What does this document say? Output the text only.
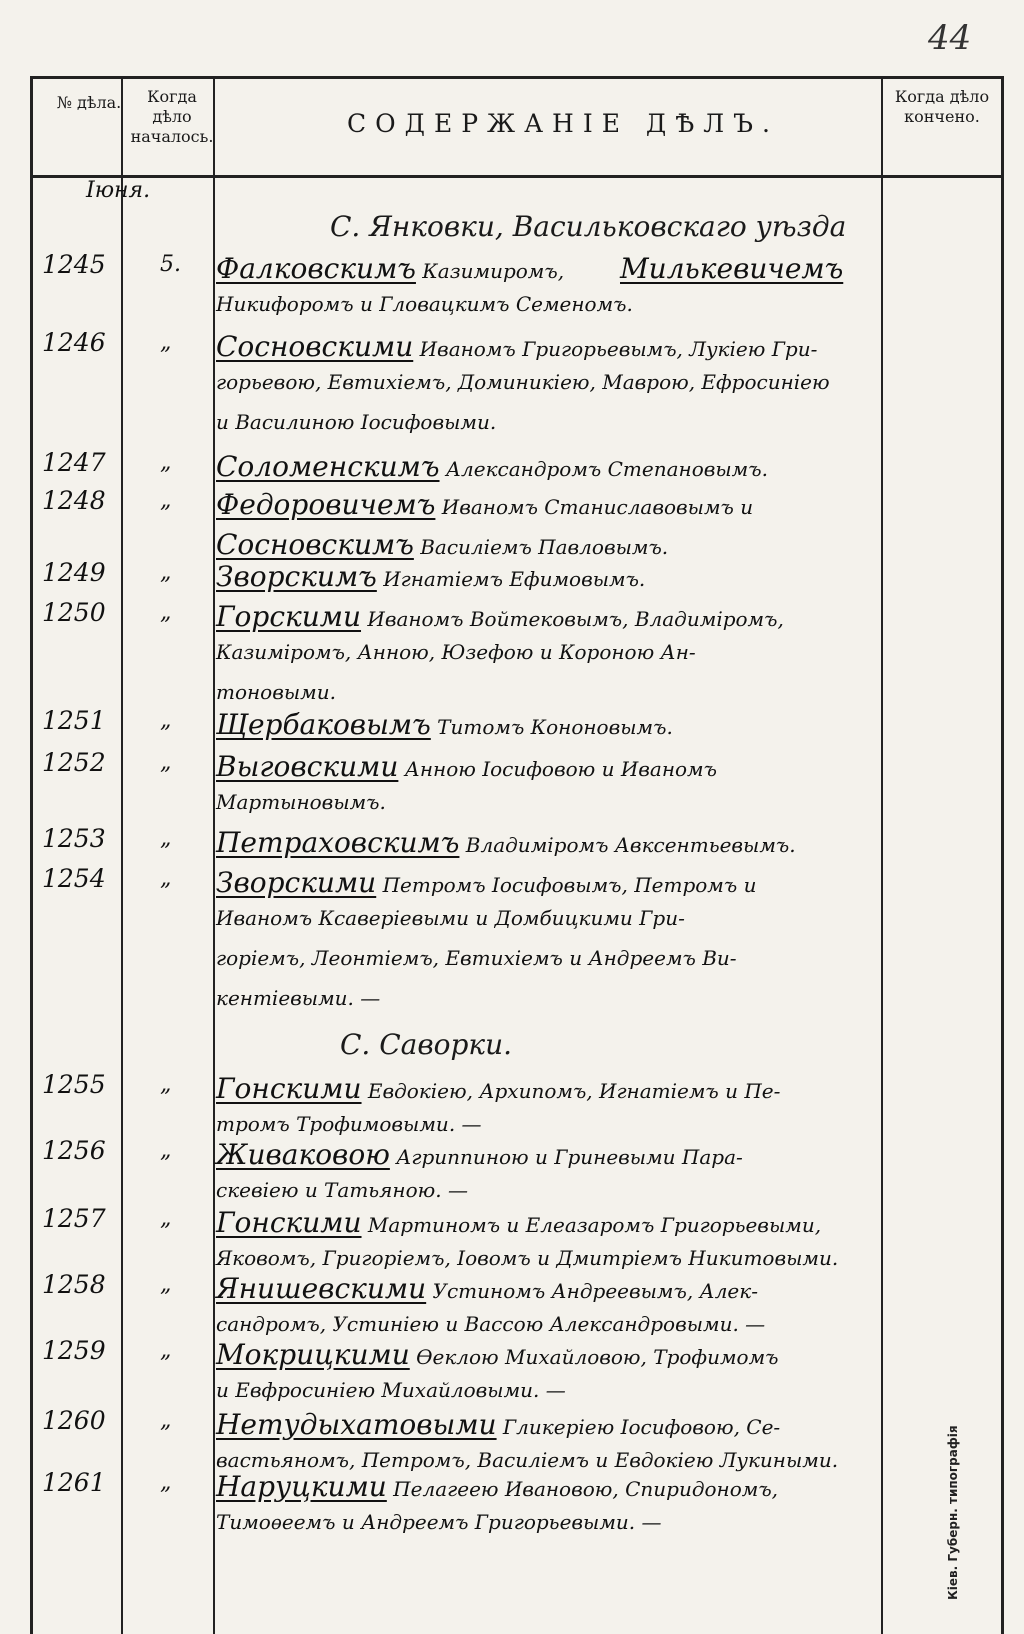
44
№ дѣла.	Когда дѣло началось.	СОДЕРЖАНIЕ ДѢЛЪ.
Когда дѣло кончено.
Іюня.
С. Янковки, Васильковскаго уѣзда
С. Саворки.
1245 5. Фалковскимъ Казимиромъ,
Никифоромъ и Гловацкимъ Семеномъ.
1246 „ Сосновскими Иваномъ Григорьевымъ, Лукіею Гри-
горьевою, Евтихіемъ, Доминикіею, Маврою, Ефросиніею
и Василиною Іосифовыми.
1247 „ Соломенскимъ Александромъ Степановымъ.
1248 „ Федоровичемъ Иваномъ Станиславовымъ и
Сосновскимъ Василіемъ Павловымъ.
1249 „ Зворскимъ Игнатіемъ Ефимовымъ.
1250 „ Горскими Иваномъ Войтековымъ, Владиміромъ,
Казиміромъ, Анною, Юзефою и Короною Ан-
тоновыми.
1251 „ Щербаковымъ Титомъ Кононовымъ.
1252 „ Выговскими Анною Іосифовою и Иваномъ
Мартыновымъ.
1253 „ Петраховскимъ Владиміромъ Авксентьевымъ.
1254 „ Зворскими Петромъ Іосифовымъ, Петромъ и
Иваномъ Ксаверіевыми и Домбицкими Гри-
горіемъ, Леонтіемъ, Евтихіемъ и Андреемъ Ви-
кентіевыми. —
1255 „ Гонскими Евдокіею, Архипомъ, Игнатіемъ и Пе-
тромъ Трофимовыми. —
1256 „ Живаковою Агриппиною и Гриневыми Пара-
скевіею и Татьяною. —
1257 „ Гонскими Мартиномъ и Елеазаромъ Григорьевыми,
Яковомъ, Григоріемъ, Іовомъ и Дмитріемъ Никитовыми.
1258 „ Янишевскими Устиномъ Андреевымъ, Алек-
сандромъ, Устиніею и Вассою Александровыми. —
1259 „ Мокрицкими Ѳеклою Михайловою, Трофимомъ
и Евфросиніею Михайловыми. —
1260 „ Нетудыхатовыми Гликеріею Іосифовою, Се-
вастьяномъ, Петромъ, Василіемъ и Евдокіею Лукиными.
1261 „ Наруцкими Пелагеею Ивановою, Спиридономъ,
Тимоѳеемъ и Андреемъ Григорьевыми. —
Милькевичемъ
Кiев. Губерн. типографiя
